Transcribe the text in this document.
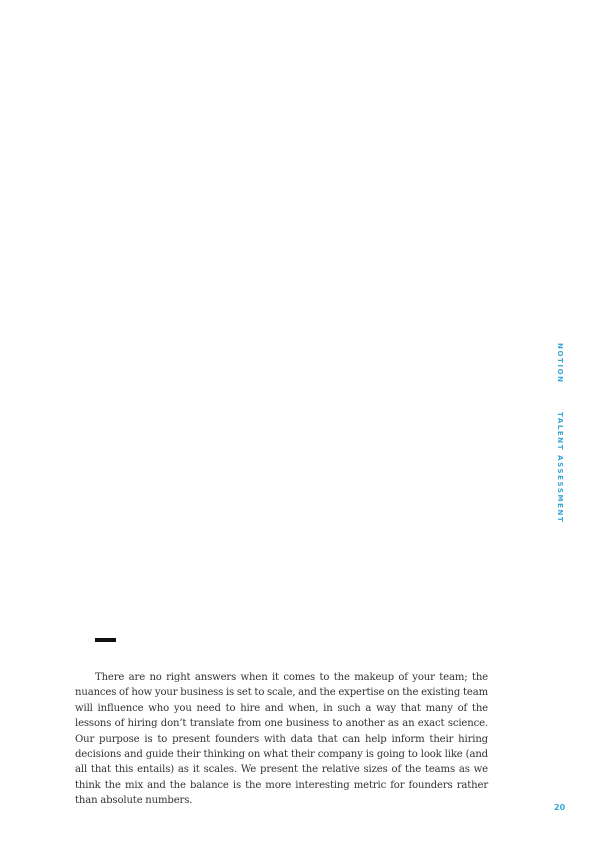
NOTION
TALENT ASSESSMENT

There are no right answers when it comes to the makeup of your team; the nuances of how your business is set to scale, and the expertise on the existing team will influence who you need to hire and when, in such a way that many of the lessons of hiring don’t translate from one business to another as an exact science. Our purpose is to present founders with data that can help inform their hiring decisions and guide their thinking on what their company is going to look like (and all that this entails) as it scales. We present the relative sizes of the teams as we think the mix and the balance is the more interesting metric for founders rather than absolute numbers.

20
